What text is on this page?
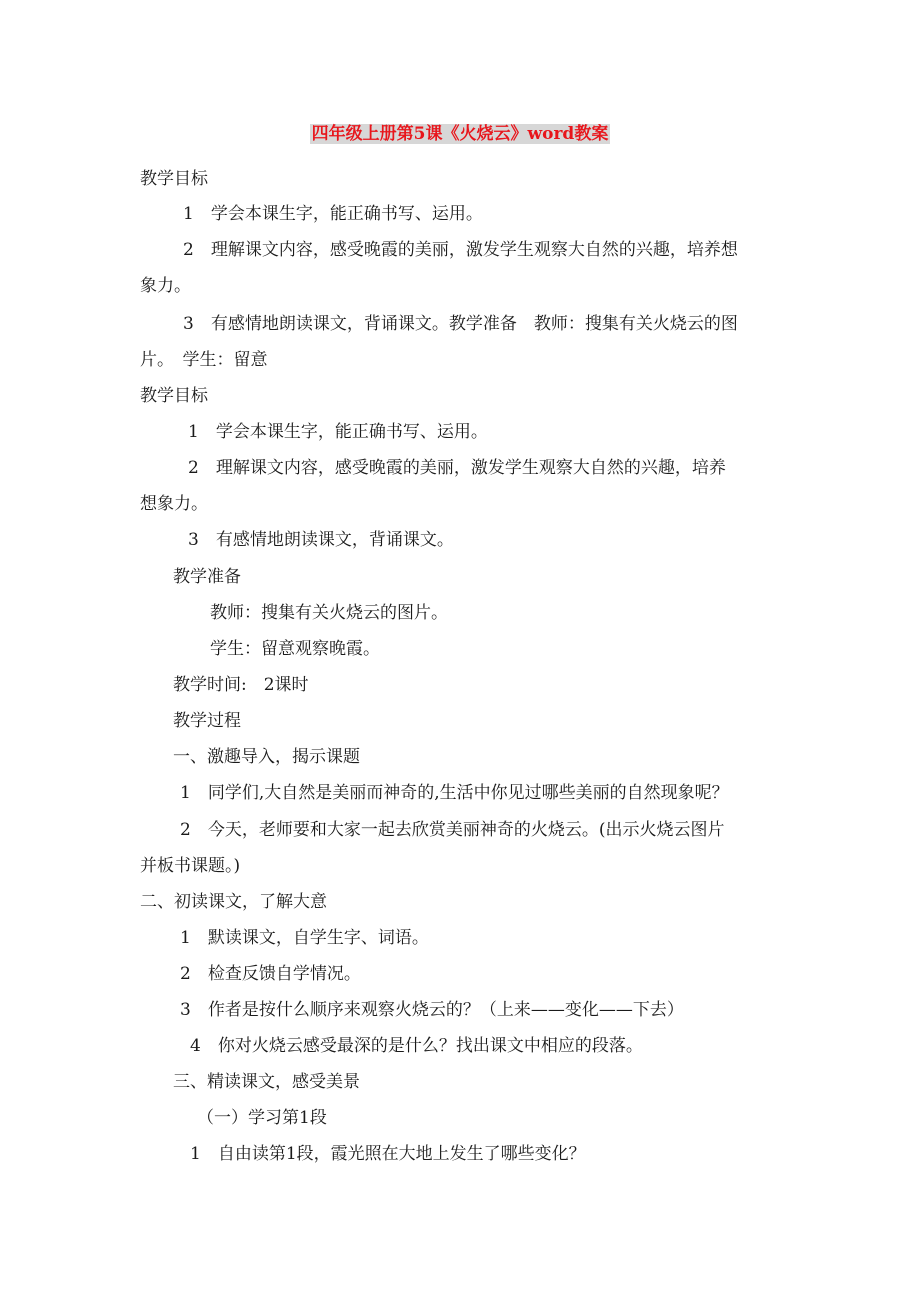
四年级上册第5课《火烧云》word教案
教学目标
1　学会本课生字，能正确书写、运用。
2　理解课文内容，感受晚霞的美丽，激发学生观察大自然的兴趣，培养想
象力。
3　有感情地朗读课文，背诵课文。教学准备　教师：搜集有关火烧云的图
片。　学生：留意
教学目标
1　学会本课生字，能正确书写、运用。
2　理解课文内容，感受晚霞的美丽，激发学生观察大自然的兴趣，培养
想象力。
3　有感情地朗读课文，背诵课文。
教学准备
教师：搜集有关火烧云的图片。
学生：留意观察晚霞。
教学时间:　2课时
教学过程
一、激趣导入，揭示课题
1　同学们,大自然是美丽而神奇的,生活中你见过哪些美丽的自然现象呢？
2　今天，老师要和大家一起去欣赏美丽神奇的火烧云。(出示火烧云图片
并板书课题。)
二、初读课文，了解大意
1　默读课文，自学生字、词语。
2　检查反馈自学情况。
3　作者是按什么顺序来观察火烧云的？（上来——变化——下去）
4　你对火烧云感受最深的是什么？找出课文中相应的段落。
三、精读课文，感受美景
（一）学习第1段
1　自由读第1段，霞光照在大地上发生了哪些变化？
